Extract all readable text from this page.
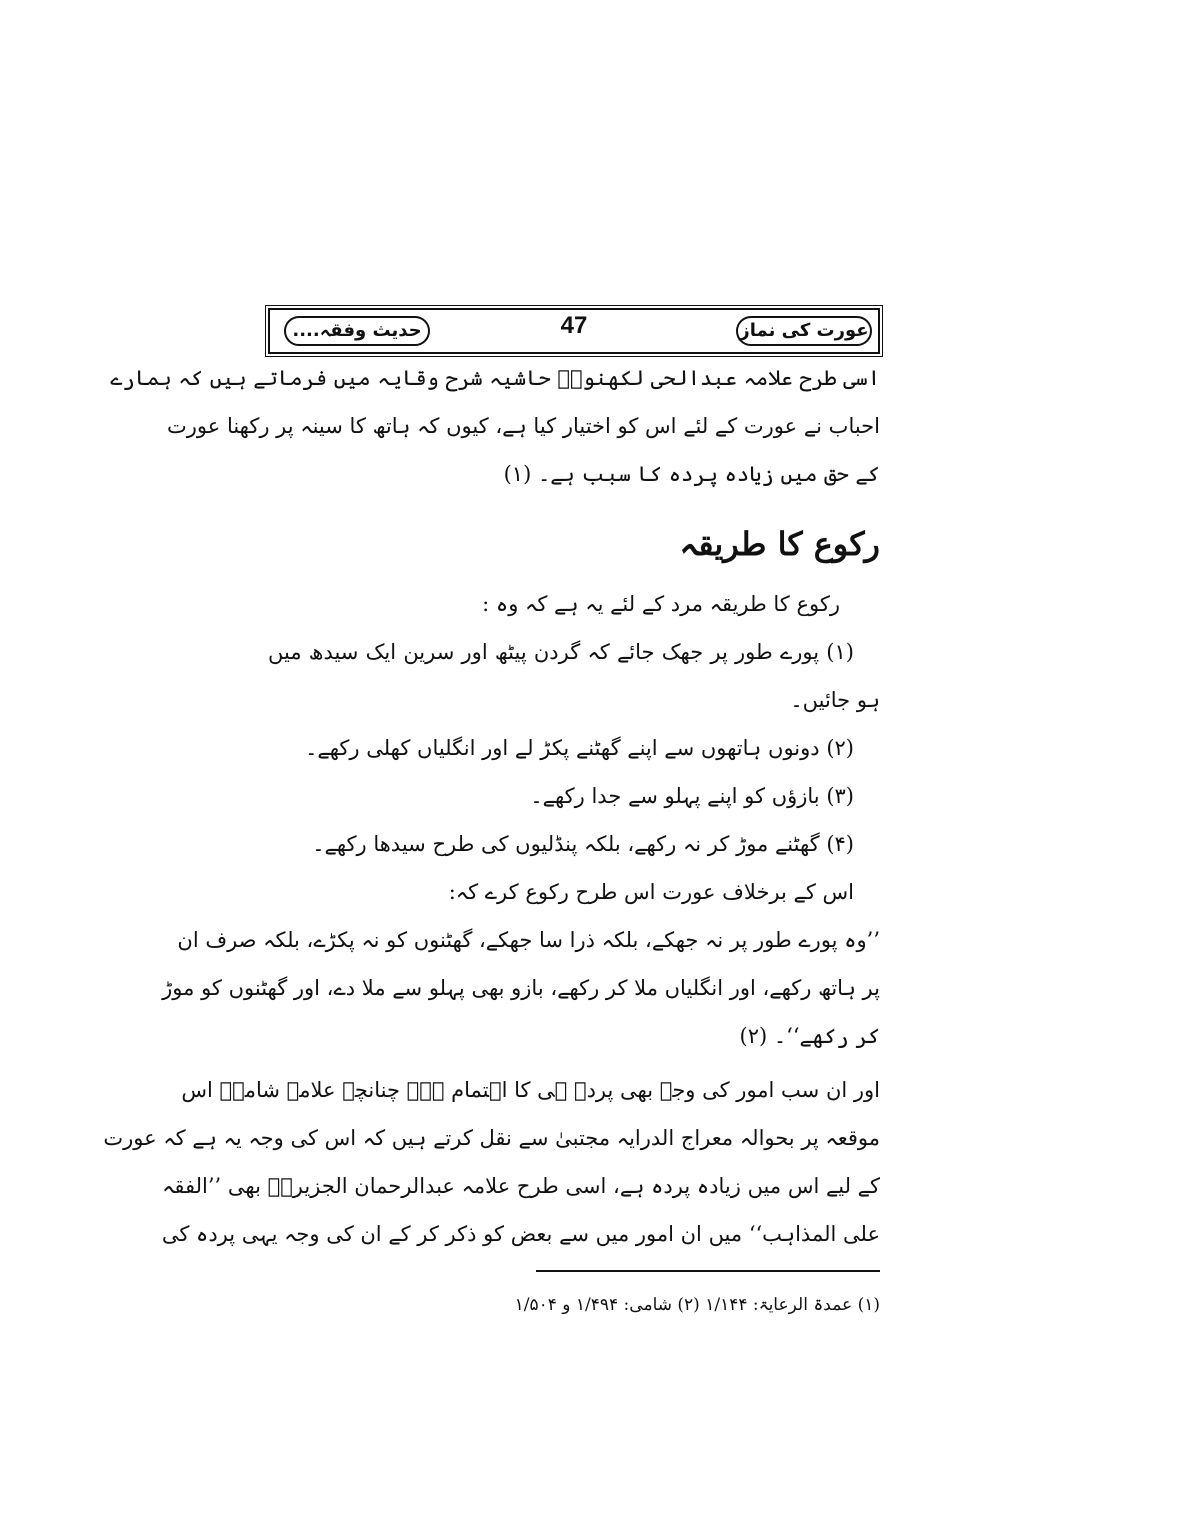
عورت کی نماز
47
حدیث وفقہ....
اسی طرح علامہ عبدالحی لکھنویؒ حاشیہ شرح وقایہ میں فرماتے ہیں کہ ہمارے
احباب نے عورت کے لئے اس کو اختیار کیا ہے، کیوں کہ ہاتھ کا سینہ پر رکھنا عورت
کے حق میں زیادہ پردہ کا سبب ہے۔ (۱)
رکوع کا طریقہ
رکوع کا طریقہ مرد کے لئے یہ ہے کہ وہ :
(۱) پورے طور پر جھک جائے کہ گردن پیٹھ اور سرین ایک سیدھ میں
ہو جائیں۔
(۲) دونوں ہاتھوں سے اپنے گھٹنے پکڑ لے اور انگلیاں کھلی رکھے۔
(۳) بازؤں کو اپنے پہلو سے جدا رکھے۔
(۴) گھٹنے موڑ کر نہ رکھے، بلکہ پنڈلیوں کی طرح سیدھا رکھے۔
اس کے برخلاف عورت اس طرح رکوع کرے کہ:
’’وہ پورے طور پر نہ جھکے، بلکہ ذرا سا جھکے، گھٹنوں کو نہ پکڑے، بلکہ صرف ان
پر ہاتھ رکھے، اور انگلیاں ملا کر رکھے، بازو بھی پہلو سے ملا دے، اور گھٹنوں کو موڑ
کر رکھے‘‘۔ (۲)
اور ان سب امور کی وجہ بھی پردہ ہی کا اہتمام ہے۔ چنانچہ علامہ شامیؒ اس
موقعہ پر بحوالہ معراج الدرایہ مجتبیٰ سے نقل کرتے ہیں کہ اس کی وجہ یہ ہے کہ عورت
کے لیے اس میں زیادہ پردہ ہے، اسی طرح علامہ عبدالرحمان الجزیریؒ بھی ’’الفقہ
علی المذاہب‘‘ میں ان امور میں سے بعض کو ذکر کر کے ان کی وجہ یہی پردہ کی
(۱) عمدۃ الرعایۃ: ۱/۱۴۴ (۲) شامی: ۱/۴۹۴ و ۱/۵۰۴
